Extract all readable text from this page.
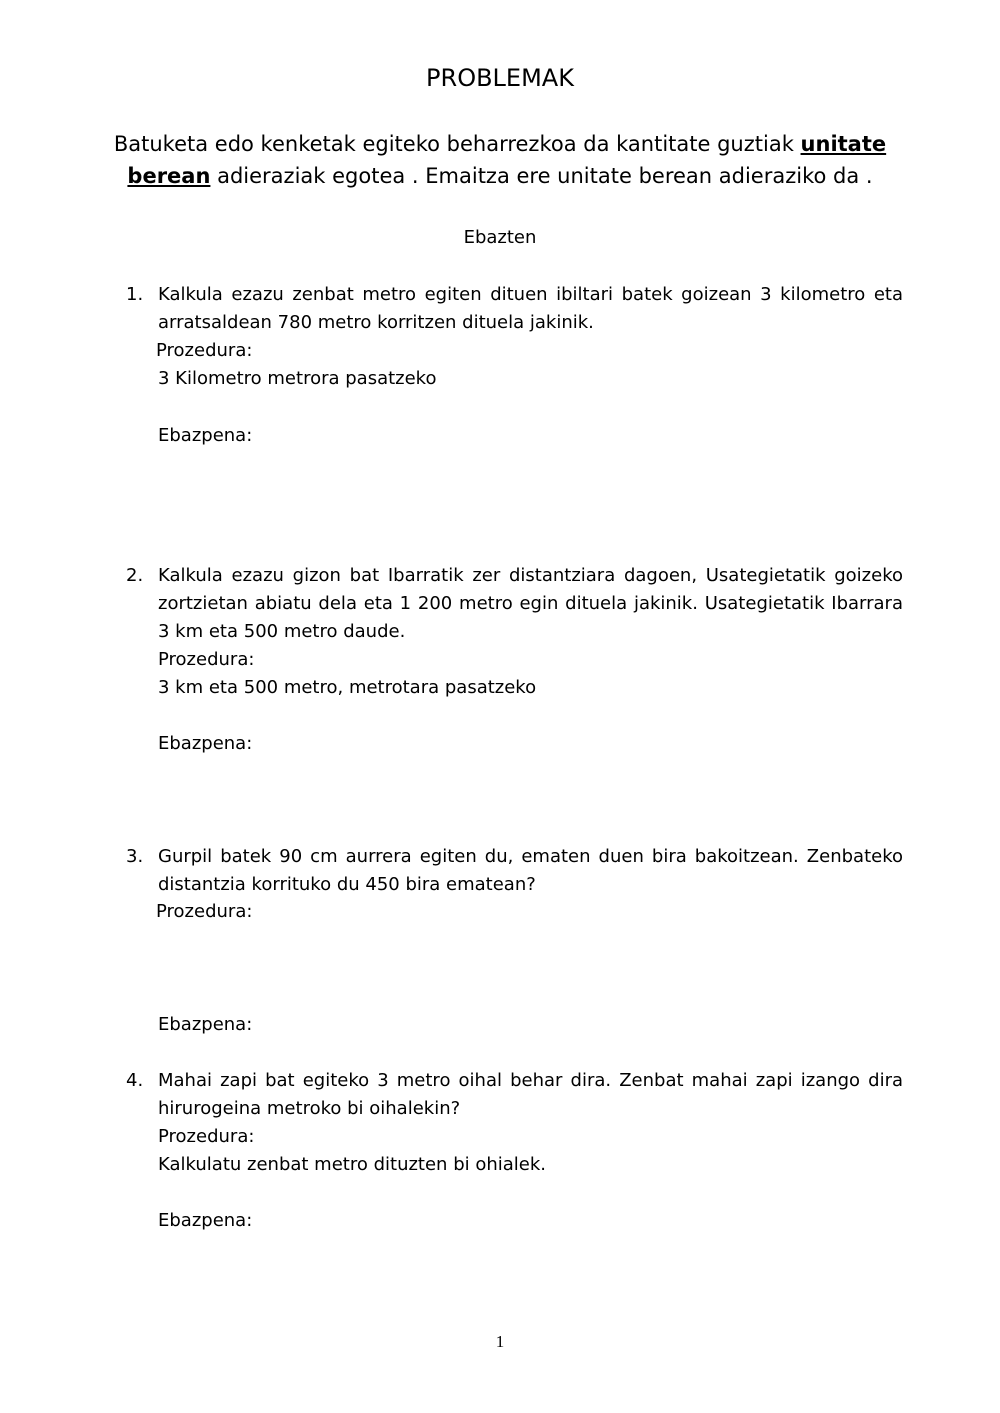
PROBLEMAK
Batuketa edo kenketak egiteko beharrezkoa da kantitate guztiak unitate berean adieraziak egotea . Emaitza ere unitate berean adieraziko da .
Ebazten
1. Kalkula ezazu zenbat metro egiten dituen ibiltari batek goizean 3 kilometro eta arratsaldean 780 metro korritzen dituela jakinik.
Prozedura:
3 Kilometro metrora pasatzeko
Ebazpena:
2. Kalkula ezazu gizon bat Ibarratik zer distantziara dagoen, Usategietatik goizeko zortzietan abiatu dela eta 1 200 metro egin dituela jakinik. Usategietatik Ibarrara 3 km eta 500 metro daude.
Prozedura:
3 km eta 500 metro, metrotara pasatzeko
Ebazpena:
3. Gurpil batek 90 cm aurrera egiten du, ematen duen bira bakoitzean. Zenbateko distantzia korrituko du 450 bira ematean?
Prozedura:
Ebazpena:
4. Mahai zapi bat egiteko 3 metro oihal behar dira. Zenbat mahai zapi izango dira hirurogeina metroko bi oihalekin?
Prozedura:
Kalkulatu zenbat metro dituzten bi ohialek.
Ebazpena:
1
